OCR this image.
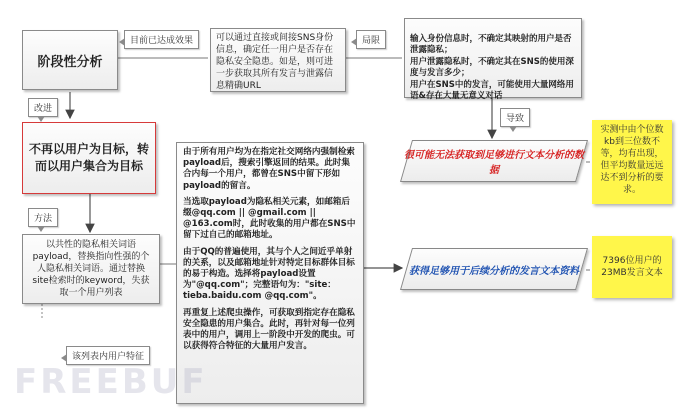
阶段性分析
目前已达成效果	可以通过直接或间接SNS身份信息，确定任一用户是否存在隐私安全隐患。如是，则可进一步获取其所有发言与泄露信息精确URL
局限	输入身份信息时，不确定其映射的用户是否泄露隐私；
用户泄露隐私时，不确定其在SNS的使用深度与发言多少；
用户在SNS中的发言，可能使用大量网络用语&存在大量无意义对话

导致
改进
不再以用户为目标，转而以用户集合为目标
方法
以共性的隐私相关词语payload，替换指向性强的个人隐私相关词语。通过替换site检索时的keyword，失获取一个用户列表
该列表内用户特征

由于所有用户均为在指定社交网络内强制检索payload后，搜索引擎返回的结果。此时集合内每一个用户，都曾在SNS中留下形如payload的留言。

当选取payload为隐私相关元素，如邮箱后缀@qq.com || @gmail.com || @163.com时，此时收集的用户都在SNS中留下过自己的邮箱地址。

由于QQ的普遍使用，其与个人之间近乎单射的关系，以及邮箱地址针对特定目标群体目标的易于构造。选择将payload设置为"@qq.com"；完整语句为："site：tieba.baidu.com @qq.com"。

再重复上述爬虫操作，可获取到指定存在隐私安全隐患的用户集合。此时，再针对每一位列表中的用户，调用上一阶段中开发的爬虫。可以获得符合特征的大量用户发言。

很可能无法获取到足够进行文本分析的数据
获得足够用于后续分析的发言文本资料
实测中由个位数kb到三位数不等，均有出现，但平均数量远远达不到分析的要求。
7396位用户的23MB发言文本
FREEBUF
